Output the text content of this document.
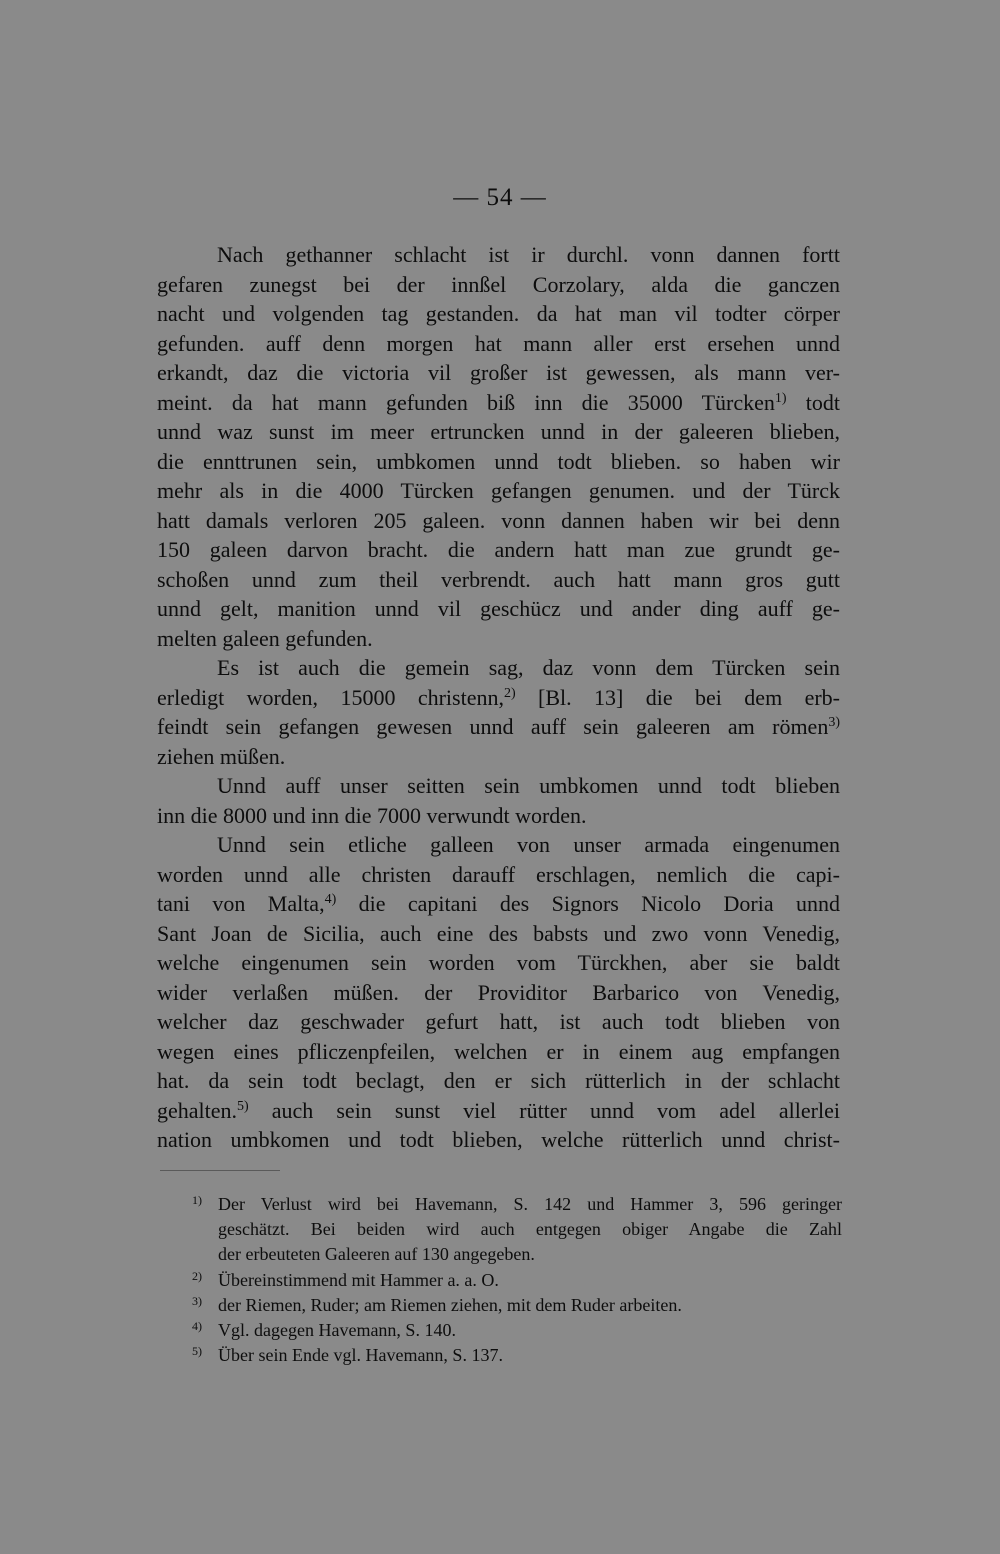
— 54 —
Nach gethanner schlacht ist ir durchl. vonn dannen fortt
gefaren zunegst bei der innßel Corzolary, alda die ganczen
nacht und volgenden tag gestanden. da hat man vil todter cörper
gefunden. auff denn morgen hat mann aller erst ersehen unnd
erkandt, daz die victoria vil großer ist gewessen, als mann ver-
meint. da hat mann gefunden biß inn die 35000 Türcken$^{1)}$ todt
unnd waz sunst im meer ertruncken unnd in der galeeren blieben,
die ennttrunen sein, umbkomen unnd todt blieben. so haben wir
mehr als in die 4000 Türcken gefangen genumen. und der Türck
hatt damals verloren 205 galeen. vonn dannen haben wir bei denn
150 galeen darvon bracht. die andern hatt man zue grundt ge-
schoßen unnd zum theil verbrendt. auch hatt mann gros gutt
unnd gelt, manition unnd vil geschücz und ander ding auff ge-
melten galeen gefunden.
Es ist auch die gemein sag, daz vonn dem Türcken sein
erledigt worden, 15000 christenn,$^{2)}$ [Bl. 13] die bei dem erb-
feindt sein gefangen gewesen unnd auff sein galeeren am römen$^{3)}$
ziehen müßen.
Unnd auff unser seitten sein umbkomen unnd todt blieben
inn die 8000 und inn die 7000 verwundt worden.
Unnd sein etliche galleen von unser armada eingenumen
worden unnd alle christen darauff erschlagen, nemlich die capi-
tani von Malta,$^{4)}$ die capitani des Signors Nicolo Doria unnd
Sant Joan de Sicilia, auch eine des babsts und zwo vonn Venedig,
welche eingenumen sein worden vom Türckhen, aber sie baldt
wider verlaßen müßen. der Providitor Barbarico von Venedig,
welcher daz geschwader gefurt hatt, ist auch todt blieben von
wegen eines pfliczenpfeilen, welchen er in einem aug empfangen
hat. da sein todt beclagt, den er sich rütterlich in der schlacht
gehalten.$^{5)}$ auch sein sunst viel rütter unnd vom adel allerlei
nation umbkomen und todt blieben, welche rütterlich unnd christ-
$^{1)}$ Der Verlust wird bei Havemann, S. 142 und Hammer 3, 596 geringer
geschätzt. Bei beiden wird auch entgegen obiger Angabe die Zahl
der erbeuteten Galeeren auf 130 angegeben.
$^{2)}$ Übereinstimmend mit Hammer a. a. O.
$^{3)}$ der Riemen, Ruder; am Riemen ziehen, mit dem Ruder arbeiten.
$^{4)}$ Vgl. dagegen Havemann, S. 140.
$^{5)}$ Über sein Ende vgl. Havemann, S. 137.
